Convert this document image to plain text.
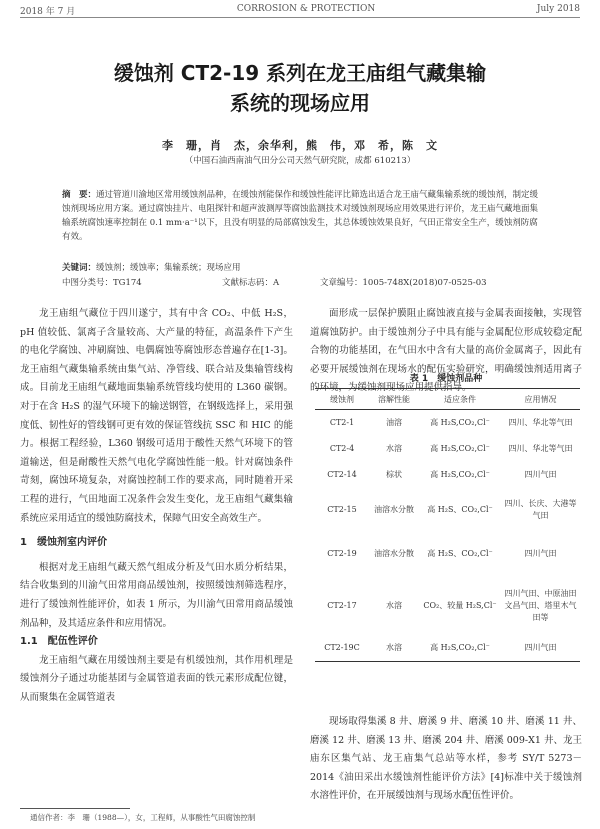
2018 年 7 月	CORROSION & PROTECTION	July 2018
缓蚀剂 CT2-19 系列在龙王庙组气藏集输
系统的现场应用
李　珊，肖　杰，余华利，熊　伟，邓　希，陈　文
（中国石油西南油气田分公司天然气研究院，成都 610213）
摘　要：通过管道川渝地区常用缓蚀剂品种，在缓蚀剂能保作和缓蚀性能评比筛选出适合龙王庙气藏集输系统的缓蚀剂，制定缓蚀剂现场应用方案。通过腐蚀挂片、电阻探针和超声波测厚等腐蚀监测技术对缓蚀剂现场应用效果进行评价，龙王庙气藏地面集输系统腐蚀速率控制在 0.1 mm·a⁻¹以下，且没有明显的局部腐蚀发生，其总体缓蚀效果良好，气田正常安全生产，缓蚀剂防腐有效。
关键词：缓蚀剂；缓蚀率；集输系统；现场应用
中图分类号：TG174	文献标志码：A	文章编号：1005-748X(2018)07-0525-03

龙王庙组气藏位于四川遂宁，其有中含 CO₂、中低 H₂S，pH 值较低、氯离子含量较高、大产量的特征，高温条件下产生的电化学腐蚀、冲刷腐蚀、电偶腐蚀等腐蚀形态普遍存在[1-3]。龙王庙组气藏集输系统由集气站、净管线、联合站及集输管线构成。目前龙王庙组气藏地面集输系统管线均使用的 L360 碳钢。对于在含 H₂S 的湿气环境下的输送钢管，在钢级选择上，采用强度低、韧性好的管线钢可更有效的保证管线抗 SSC 和 HIC 的能力。根据工程经验，L360 钢级可适用于酸性天然气环境下的管道输送，但是耐酸性天然气电化学腐蚀性能一般。针对腐蚀条件苛刻，腐蚀环境复杂，对腐蚀控制工作的要求高，同时随着开采工程的进行，气田地面工况条件会发生变化，龙王庙组气藏集输系统应采用适宜的缓蚀防腐技术，保障气田安全高效生产。

1　缓蚀剂室内评价

根据对龙王庙组气藏天然气组成分析及气田水质分析结果，结合收集到的川渝气田常用商品缓蚀剂，按照缓蚀剂筛选程序，进行了缓蚀剂性能评价，如表 1 所示，为川渝气田常用商品缓蚀剂品种，及其适应条件和应用情况。

1.1　配伍性评价

龙王庙组气藏在用缓蚀剂主要是有机缓蚀剂，其作用机理是缓蚀剂分子通过功能基团与金属管道表面的铁元素形成配位键，从而聚集在金属管道表

面形成一层保护膜阻止腐蚀液直接与金属表面接触，实现管道腐蚀防护。由于缓蚀剂分子中具有能与金属配位形成较稳定配合物的功能基团，在气田水中含有大量的高价金属离子，因此有必要开展缓蚀剂在现场水的配伍实验研究，明确缓蚀剂适用离子的环境，为缓蚀剂现场应用提供指导。

表 1　缓蚀剂品种
缓蚀剂	溶解性能	适应条件	应用情况
CT2-1	油溶	高 H₂S,CO₂,Cl⁻	四川、华北等气田
CT2-4	水溶	高 H₂S,CO₂,Cl⁻	四川、华北等气田
CT2-14	棕状	高 H₂S,CO₂,Cl⁻	四川气田
CT2-15	油溶水分散	高 H₂S、CO₂,Cl⁻	四川、长庆、大港等气田
CT2-19	油溶水分散	高 H₂S、CO₂,Cl⁻	四川气田
CT2-17	水溶	CO₂、较量 H₂S,Cl⁻	四川气田、中原油田文昌气田、塔里木气田等
CT2-19C	水溶	高 H₂S,CO₂,Cl⁻	四川气田

现场取得集溪 8 井、磨溪 9 井、磨溪 10 井、磨溪 11 井、磨溪 12 井、磨溪 13 井、磨溪 204 井、磨溪 009-X1 井、龙王庙东区集气站、龙王庙集气总站等水样，参考 SY/T 5273－2014《油田采出水缓蚀剂性能评价方法》[4]标准中关于缓蚀剂水溶性评价，在开展缓蚀剂与现场水配伍性评价。

通信作者：李　珊（1988—），女，工程师，从事酸性气田腐蚀控制
